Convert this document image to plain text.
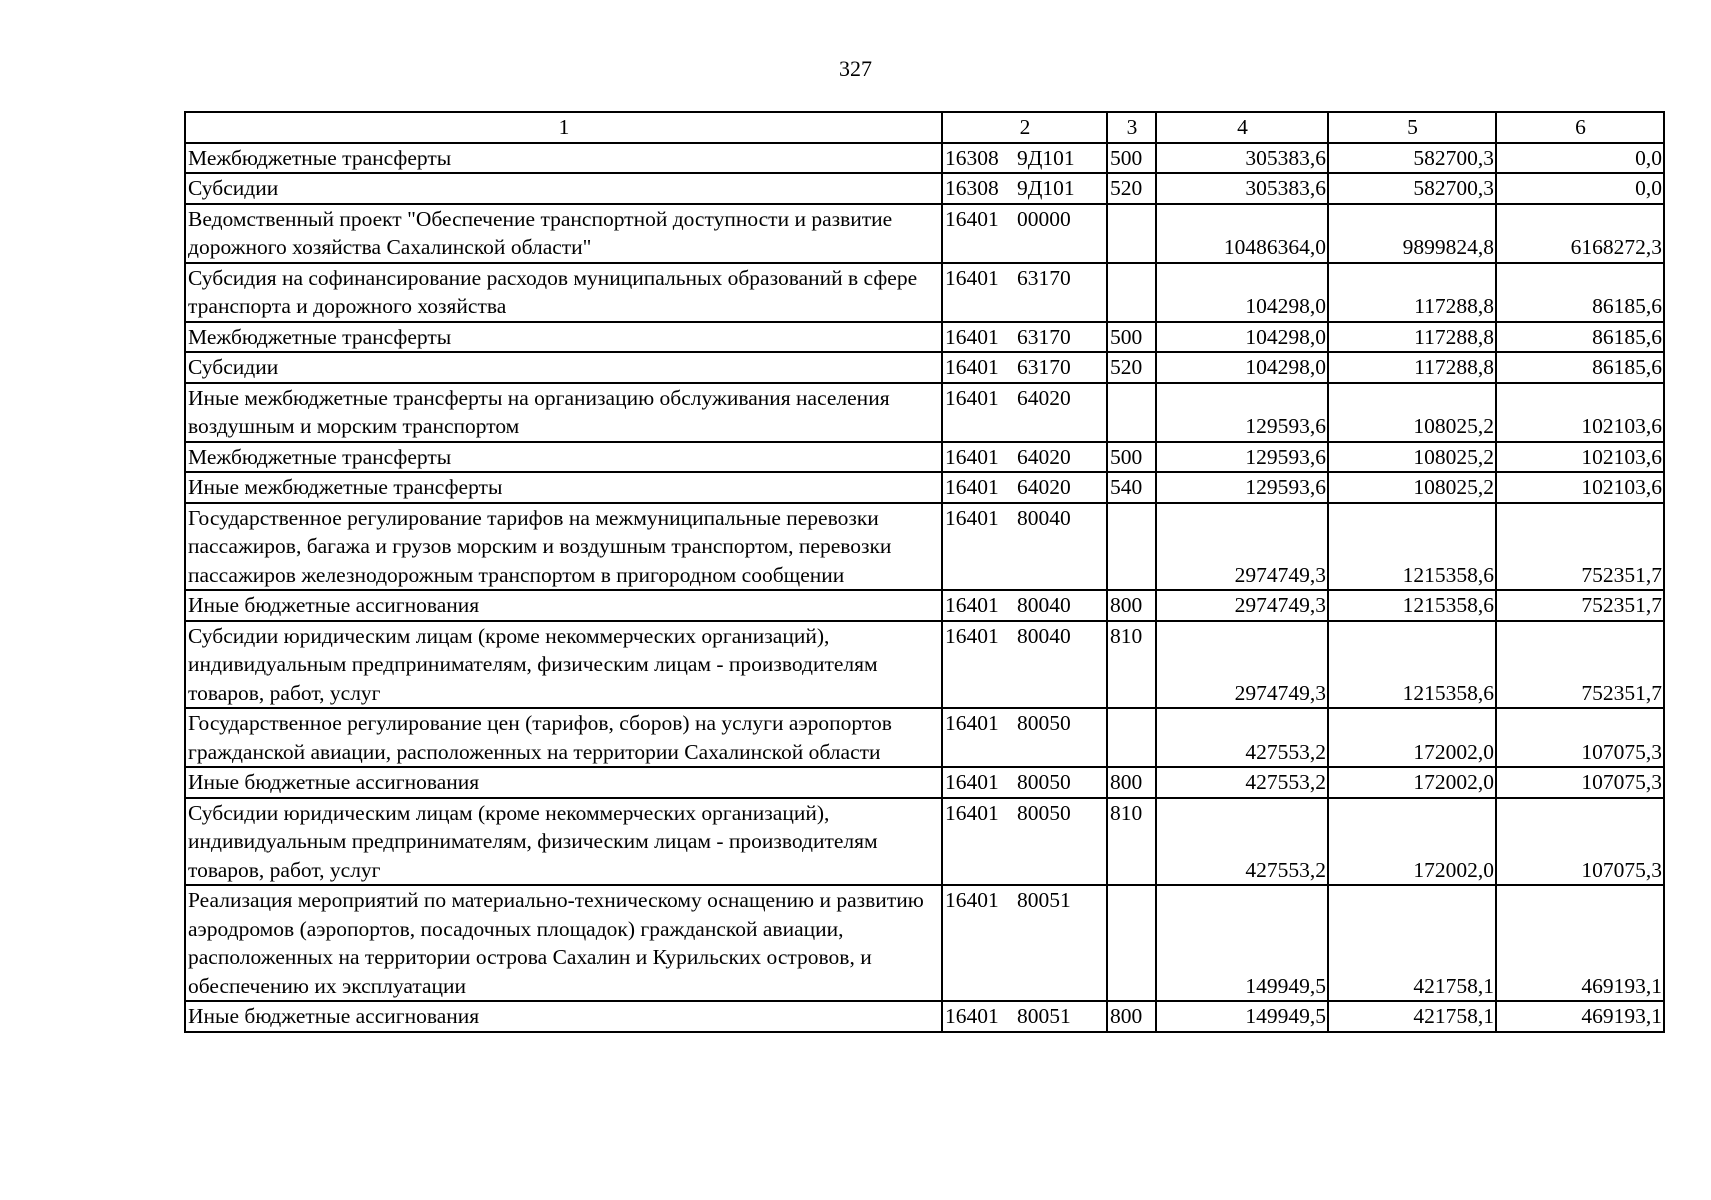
327
1	2	3	4	5	6
Межбюджетные трансферты	16308 9Д101	500	305383,6	582700,3	0,0
Субсидии	16308 9Д101	520	305383,6	582700,3	0,0
Ведомственный проект "Обеспечение транспортной доступности и развитие дорожного хозяйства Сахалинской области"	16401 00000		10486364,0	9899824,8	6168272,3
Субсидия на софинансирование расходов муниципальных образований в сфере транспорта и дорожного хозяйства	16401 63170		104298,0	117288,8	86185,6
Межбюджетные трансферты	16401 63170	500	104298,0	117288,8	86185,6
Субсидии	16401 63170	520	104298,0	117288,8	86185,6
Иные межбюджетные трансферты на организацию обслуживания населения воздушным и морским транспортом	16401 64020		129593,6	108025,2	102103,6
Межбюджетные трансферты	16401 64020	500	129593,6	108025,2	102103,6
Иные межбюджетные трансферты	16401 64020	540	129593,6	108025,2	102103,6
Государственное регулирование тарифов на межмуниципальные перевозки пассажиров, багажа и грузов морским и воздушным транспортом, перевозки пассажиров железнодорожным транспортом в пригородном сообщении	16401 80040		2974749,3	1215358,6	752351,7
Иные бюджетные ассигнования	16401 80040	800	2974749,3	1215358,6	752351,7
Субсидии юридическим лицам (кроме некоммерческих организаций), индивидуальным предпринимателям, физическим лицам - производителям товаров, работ, услуг	16401 80040	810	2974749,3	1215358,6	752351,7
Государственное регулирование цен (тарифов, сборов) на услуги аэропортов гражданской авиации, расположенных на территории Сахалинской области	16401 80050		427553,2	172002,0	107075,3
Иные бюджетные ассигнования	16401 80050	800	427553,2	172002,0	107075,3
Субсидии юридическим лицам (кроме некоммерческих организаций), индивидуальным предпринимателям, физическим лицам - производителям товаров, работ, услуг	16401 80050	810	427553,2	172002,0	107075,3
Реализация мероприятий по материально-техническому оснащению и развитию аэродромов (аэропортов, посадочных площадок) гражданской авиации, расположенных на территории острова Сахалин и Курильских островов, и обеспечению их эксплуатации	16401 80051		149949,5	421758,1	469193,1
Иные бюджетные ассигнования	16401 80051	800	149949,5	421758,1	469193,1
